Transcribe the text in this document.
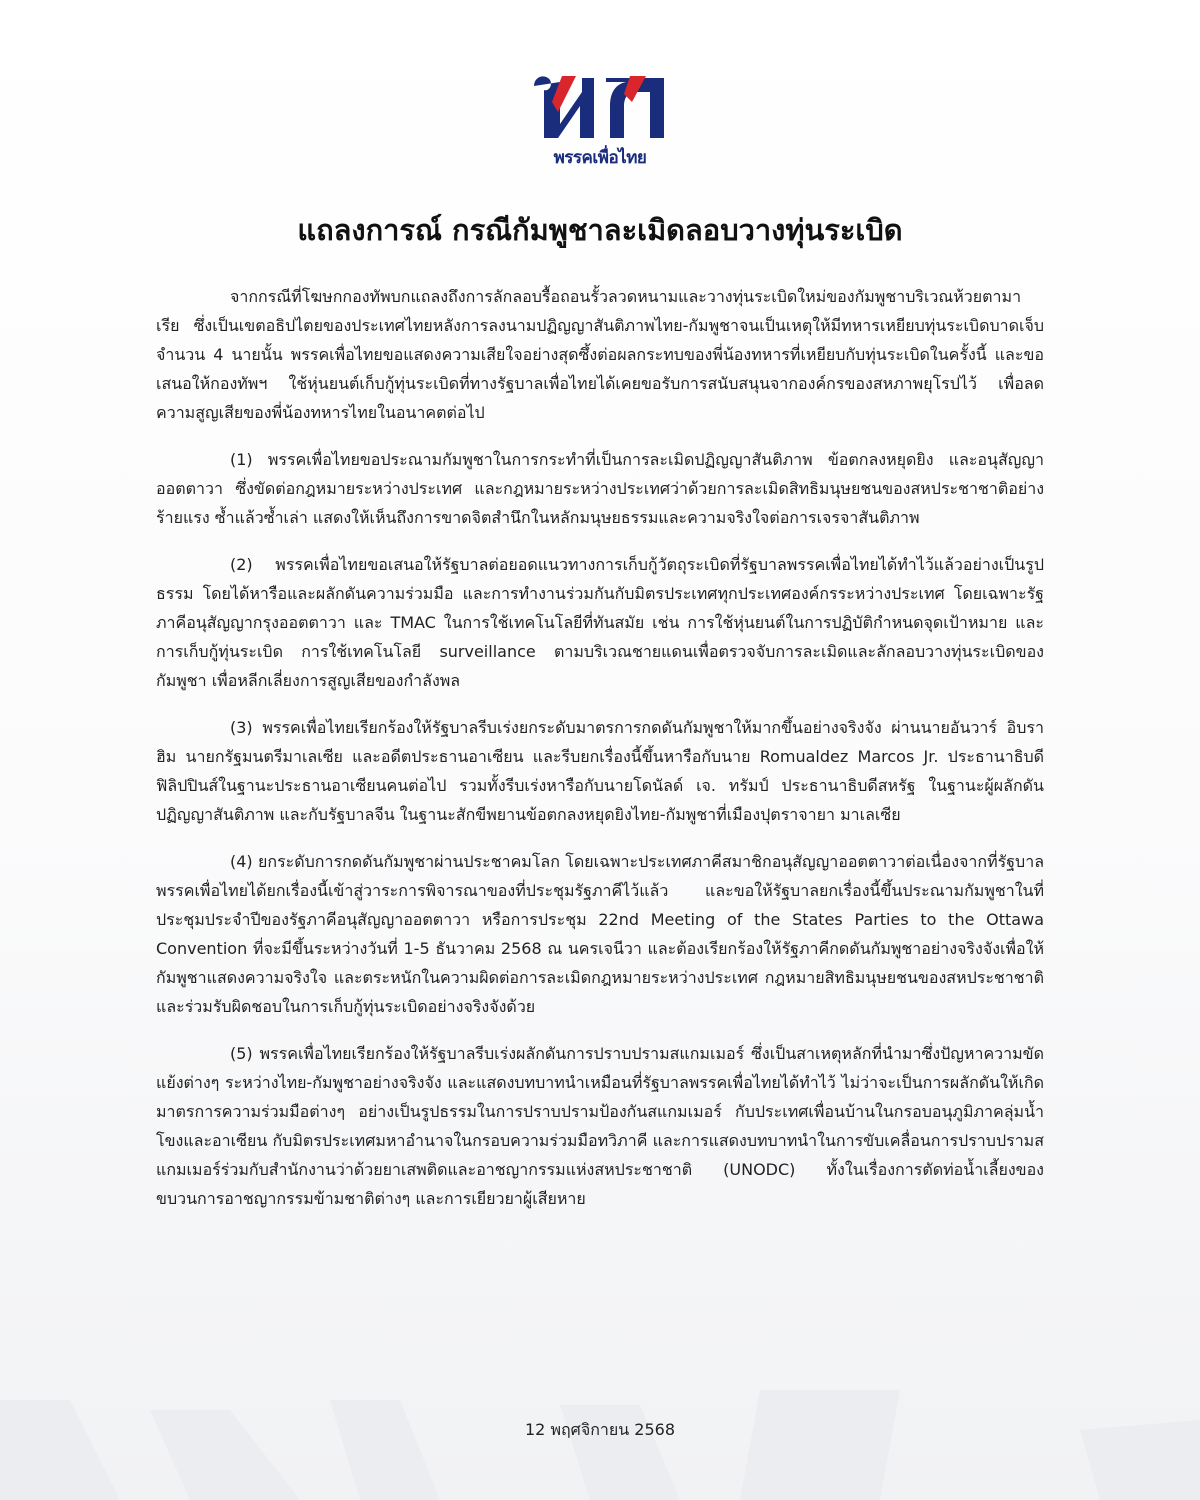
พรรคเพื่อไทย
แถลงการณ์ กรณีกัมพูชาละเมิดลอบวางทุ่นระเบิด

จากกรณีที่โฆษกกองทัพบกแถลงถึงการลักลอบรื้อถอนรั้วลวดหนามและวางทุ่นระเบิดใหม่ของกัมพูชาบริเวณห้วยตามาเรีย ซึ่งเป็นเขตอธิปไตยของประเทศไทยหลังการลงนามปฏิญญาสันติภาพไทย-กัมพูชาจนเป็นเหตุให้มีทหารเหยียบทุ่นระเบิดบาดเจ็บจำนวน 4 นายนั้น พรรคเพื่อไทยขอแสดงความเสียใจอย่างสุดซึ้งต่อผลกระทบของพี่น้องทหารที่เหยียบกับทุ่นระเบิดในครั้งนี้ และขอเสนอให้กองทัพฯ ใช้หุ่นยนต์เก็บกู้ทุ่นระเบิดที่ทางรัฐบาลเพื่อไทยได้เคยขอรับการสนับสนุนจากองค์กรของสหภาพยุโรปไว้ เพื่อลดความสูญเสียของพี่น้องทหารไทยในอนาคตต่อไป

(1) พรรคเพื่อไทยขอประณามกัมพูชาในการกระทำที่เป็นการละเมิดปฏิญญาสันติภาพ ข้อตกลงหยุดยิง และอนุสัญญาออตตาวา ซึ่งขัดต่อกฎหมายระหว่างประเทศ และกฎหมายระหว่างประเทศว่าด้วยการละเมิดสิทธิมนุษยชนของสหประชาชาติอย่างร้ายแรง ซ้ำแล้วซ้ำเล่า แสดงให้เห็นถึงการขาดจิตสำนึกในหลักมนุษยธรรมและความจริงใจต่อการเจรจาสันติภาพ

(2) พรรคเพื่อไทยขอเสนอให้รัฐบาลต่อยอดแนวทางการเก็บกู้วัตถุระเบิดที่รัฐบาลพรรคเพื่อไทยได้ทำไว้แล้วอย่างเป็นรูปธรรม โดยได้หารือและผลักดันความร่วมมือ และการทำงานร่วมกันกับมิตรประเทศทุกประเทศองค์กรระหว่างประเทศ โดยเฉพาะรัฐภาคีอนุสัญญากรุงออตตาวา และ TMAC ในการใช้เทคโนโลยีที่ทันสมัย เช่น การใช้หุ่นยนต์ในการปฏิบัติกำหนดจุดเป้าหมาย และการเก็บกู้ทุ่นระเบิด การใช้เทคโนโลยี surveillance ตามบริเวณชายแดนเพื่อตรวจจับการละเมิดและลักลอบวางทุ่นระเบิดของกัมพูชา เพื่อหลีกเลี่ยงการสูญเสียของกำลังพล

(3) พรรคเพื่อไทยเรียกร้องให้รัฐบาลรีบเร่งยกระดับมาตรการกดดันกัมพูชาให้มากขึ้นอย่างจริงจัง ผ่านนายอันวาร์ อิบราฮิม นายกรัฐมนตรีมาเลเซีย และอดีตประธานอาเซียน และรีบยกเรื่องนี้ขึ้นหารือกับนาย Romualdez Marcos Jr. ประธานาธิบดีฟิลิปปินส์ในฐานะประธานอาเซียนคนต่อไป รวมทั้งรีบเร่งหารือกับนายโดนัลด์ เจ. ทรัมป์ ประธานาธิบดีสหรัฐ ในฐานะผู้ผลักดันปฏิญญาสันติภาพ และกับรัฐบาลจีน ในฐานะสักขีพยานข้อตกลงหยุดยิงไทย-กัมพูชาที่เมืองปุตราจายา มาเลเซีย

(4) ยกระดับการกดดันกัมพูชาผ่านประชาคมโลก โดยเฉพาะประเทศภาคีสมาชิกอนุสัญญาออตตาวาต่อเนื่องจากที่รัฐบาลพรรคเพื่อไทยได้ยกเรื่องนี้เข้าสู่วาระการพิจารณาของที่ประชุมรัฐภาคีไว้แล้ว และขอให้รัฐบาลยกเรื่องนี้ขึ้นประณามกัมพูชาในที่ประชุมประจำปีของรัฐภาคีอนุสัญญาออตตาวา หรือการประชุม 22nd Meeting of the States Parties to the Ottawa Convention ที่จะมีขึ้นระหว่างวันที่ 1-5 ธันวาคม 2568 ณ นครเจนีวา และต้องเรียกร้องให้รัฐภาคีกดดันกัมพูชาอย่างจริงจังเพื่อให้กัมพูชาแสดงความจริงใจ และตระหนักในความผิดต่อการละเมิดกฎหมายระหว่างประเทศ กฎหมายสิทธิมนุษยชนของสหประชาชาติ และร่วมรับผิดชอบในการเก็บกู้ทุ่นระเบิดอย่างจริงจังด้วย

(5) พรรคเพื่อไทยเรียกร้องให้รัฐบาลรีบเร่งผลักดันการปราบปรามสแกมเมอร์ ซึ่งเป็นสาเหตุหลักที่นำมาซึ่งปัญหาความขัดแย้งต่างๆ ระหว่างไทย-กัมพูชาอย่างจริงจัง และแสดงบทบาทนำเหมือนที่รัฐบาลพรรคเพื่อไทยได้ทำไว้ ไม่ว่าจะเป็นการผลักดันให้เกิดมาตรการความร่วมมือต่างๆ อย่างเป็นรูปธรรมในการปราบปรามป้องกันสแกมเมอร์ กับประเทศเพื่อนบ้านในกรอบอนุภูมิภาคลุ่มน้ำโขงและอาเซียน กับมิตรประเทศมหาอำนาจในกรอบความร่วมมือทวิภาคี และการแสดงบทบาทนำในการขับเคลื่อนการปราบปรามสแกมเมอร์ร่วมกับสำนักงานว่าด้วยยาเสพติดและอาชญากรรมแห่งสหประชาชาติ (UNODC) ทั้งในเรื่องการตัดท่อน้ำเลี้ยงของขบวนการอาชญากรรมข้ามชาติต่างๆ และการเยียวยาผู้เสียหาย

12 พฤศจิกายน 2568
